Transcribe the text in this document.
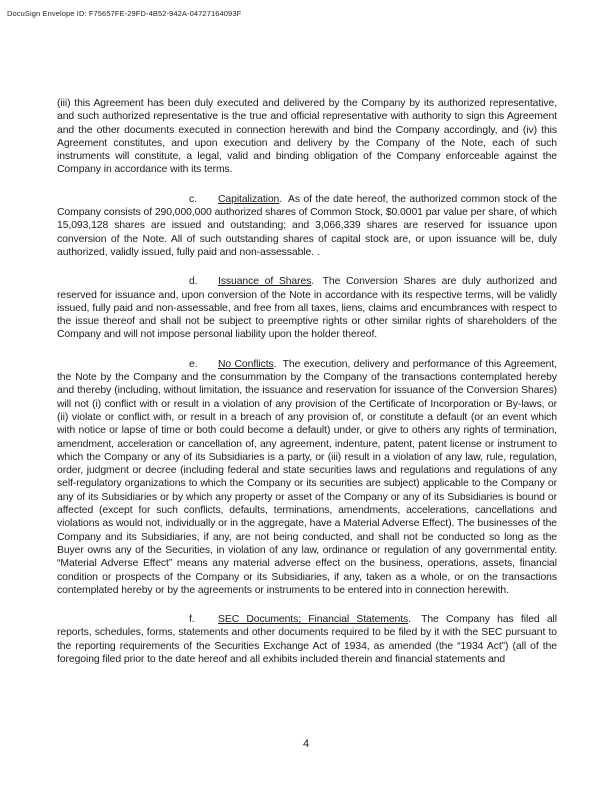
DocuSign Envelope ID: F75657FE-29FD-4B52-942A-04727164093F

(iii) this Agreement has been duly executed and delivered by the Company by its authorized representative, and such authorized representative is the true and official representative with authority to sign this Agreement and the other documents executed in connection herewith and bind the Company accordingly, and (iv) this Agreement constitutes, and upon execution and delivery by the Company of the Note, each of such instruments will constitute, a legal, valid and binding obligation of the Company enforceable against the Company in accordance with its terms.

c. Capitalization. As of the date hereof, the authorized common stock of the Company consists of 290,000,000 authorized shares of Common Stock, $0.0001 par value per share, of which 15,093,128 shares are issued and outstanding; and 3,066,339 shares are reserved for issuance upon conversion of the Note. All of such outstanding shares of capital stock are, or upon issuance will be, duly authorized, validly issued, fully paid and non-assessable. .

d. Issuance of Shares. The Conversion Shares are duly authorized and reserved for issuance and, upon conversion of the Note in accordance with its respective terms, will be validly issued, fully paid and non-assessable, and free from all taxes, liens, claims and encumbrances with respect to the issue thereof and shall not be subject to preemptive rights or other similar rights of shareholders of the Company and will not impose personal liability upon the holder thereof.

e. No Conflicts. The execution, delivery and performance of this Agreement, the Note by the Company and the consummation by the Company of the transactions contemplated hereby and thereby (including, without limitation, the issuance and reservation for issuance of the Conversion Shares) will not (i) conflict with or result in a violation of any provision of the Certificate of Incorporation or By-laws, or (ii) violate or conflict with, or result in a breach of any provision of, or constitute a default (or an event which with notice or lapse of time or both could become a default) under, or give to others any rights of termination, amendment, acceleration or cancellation of, any agreement, indenture, patent, patent license or instrument to which the Company or any of its Subsidiaries is a party, or (iii) result in a violation of any law, rule, regulation, order, judgment or decree (including federal and state securities laws and regulations and regulations of any self-regulatory organizations to which the Company or its securities are subject) applicable to the Company or any of its Subsidiaries or by which any property or asset of the Company or any of its Subsidiaries is bound or affected (except for such conflicts, defaults, terminations, amendments, accelerations, cancellations and violations as would not, individually or in the aggregate, have a Material Adverse Effect). The businesses of the Company and its Subsidiaries, if any, are not being conducted, and shall not be conducted so long as the Buyer owns any of the Securities, in violation of any law, ordinance or regulation of any governmental entity. “Material Adverse Effect” means any material adverse effect on the business, operations, assets, financial condition or prospects of the Company or its Subsidiaries, if any, taken as a whole, or on the transactions contemplated hereby or by the agreements or instruments to be entered into in connection herewith.

f. SEC Documents; Financial Statements. The Company has filed all reports, schedules, forms, statements and other documents required to be filed by it with the SEC pursuant to the reporting requirements of the Securities Exchange Act of 1934, as amended (the “1934 Act”) (all of the foregoing filed prior to the date hereof and all exhibits included therein and financial statements and

4
